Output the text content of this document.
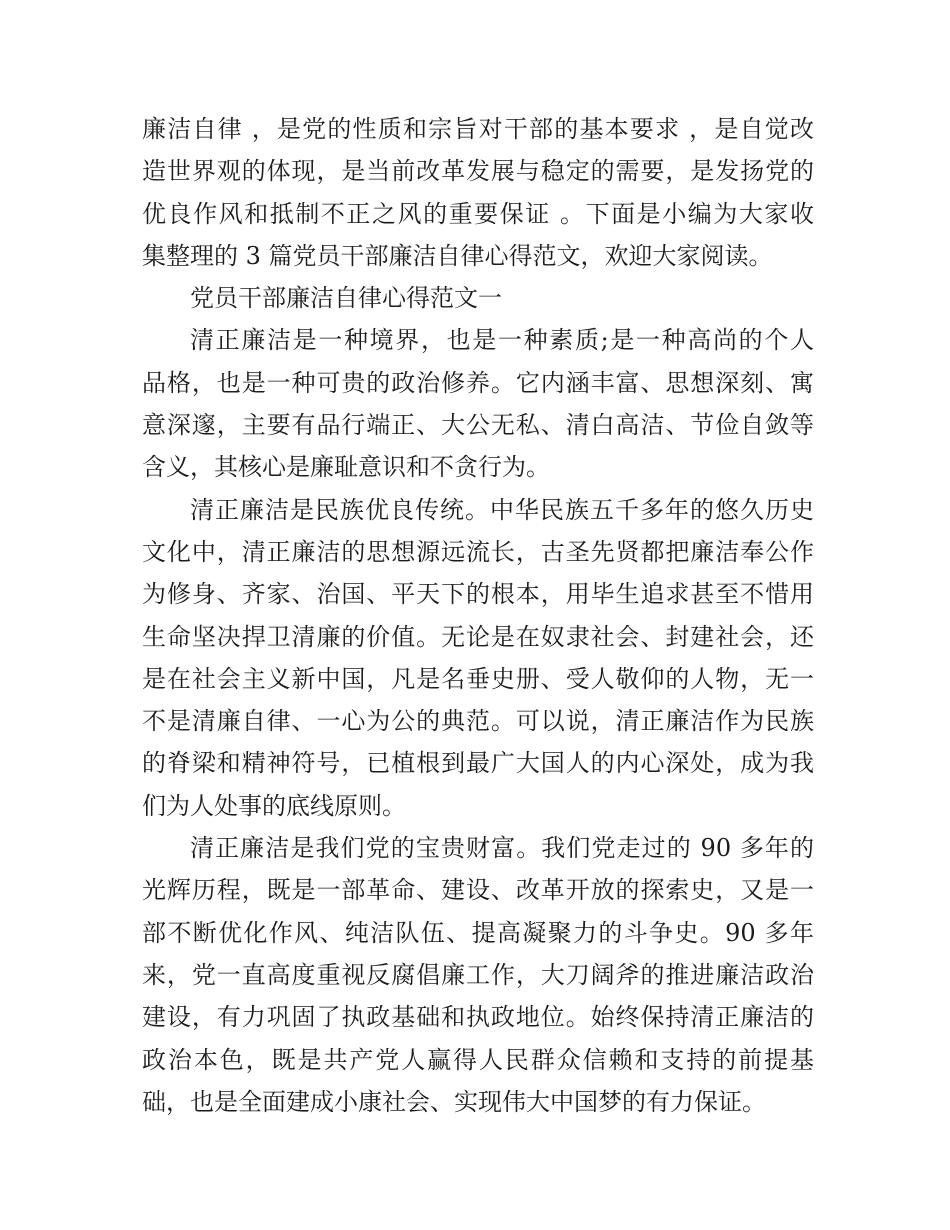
廉洁自律 ，是党的性质和宗旨对干部的基本要求 ，是自觉改
造世界观的体现，是当前改革发展与稳定的需要，是发扬党的
优良作风和抵制不正之风的重要保证 。下面是小编为大家收
集整理的 3 篇党员干部廉洁自律心得范文，欢迎大家阅读。
党员干部廉洁自律心得范文一
清正廉洁是一种境界，也是一种素质;是一种高尚的个人
品格，也是一种可贵的政治修养。它内涵丰富、思想深刻、寓
意深邃，主要有品行端正、大公无私、清白高洁、节俭自敛等
含义，其核心是廉耻意识和不贪行为。
清正廉洁是民族优良传统。中华民族五千多年的悠久历史
文化中，清正廉洁的思想源远流长，古圣先贤都把廉洁奉公作
为修身、齐家、治国、平天下的根本，用毕生追求甚至不惜用
生命坚决捍卫清廉的价值。无论是在奴隶社会、封建社会，还
是在社会主义新中国，凡是名垂史册、受人敬仰的人物，无一
不是清廉自律、一心为公的典范。可以说，清正廉洁作为民族
的脊梁和精神符号，已植根到最广大国人的内心深处，成为我
们为人处事的底线原则。
清正廉洁是我们党的宝贵财富。我们党走过的 90 多年的
光辉历程，既是一部革命、建设、改革开放的探索史，又是一
部不断优化作风、纯洁队伍、提高凝聚力的斗争史。90 多年
来，党一直高度重视反腐倡廉工作，大刀阔斧的推进廉洁政治
建设，有力巩固了执政基础和执政地位。始终保持清正廉洁的
政治本色，既是共产党人赢得人民群众信赖和支持的前提基
础，也是全面建成小康社会、实现伟大中国梦的有力保证。
